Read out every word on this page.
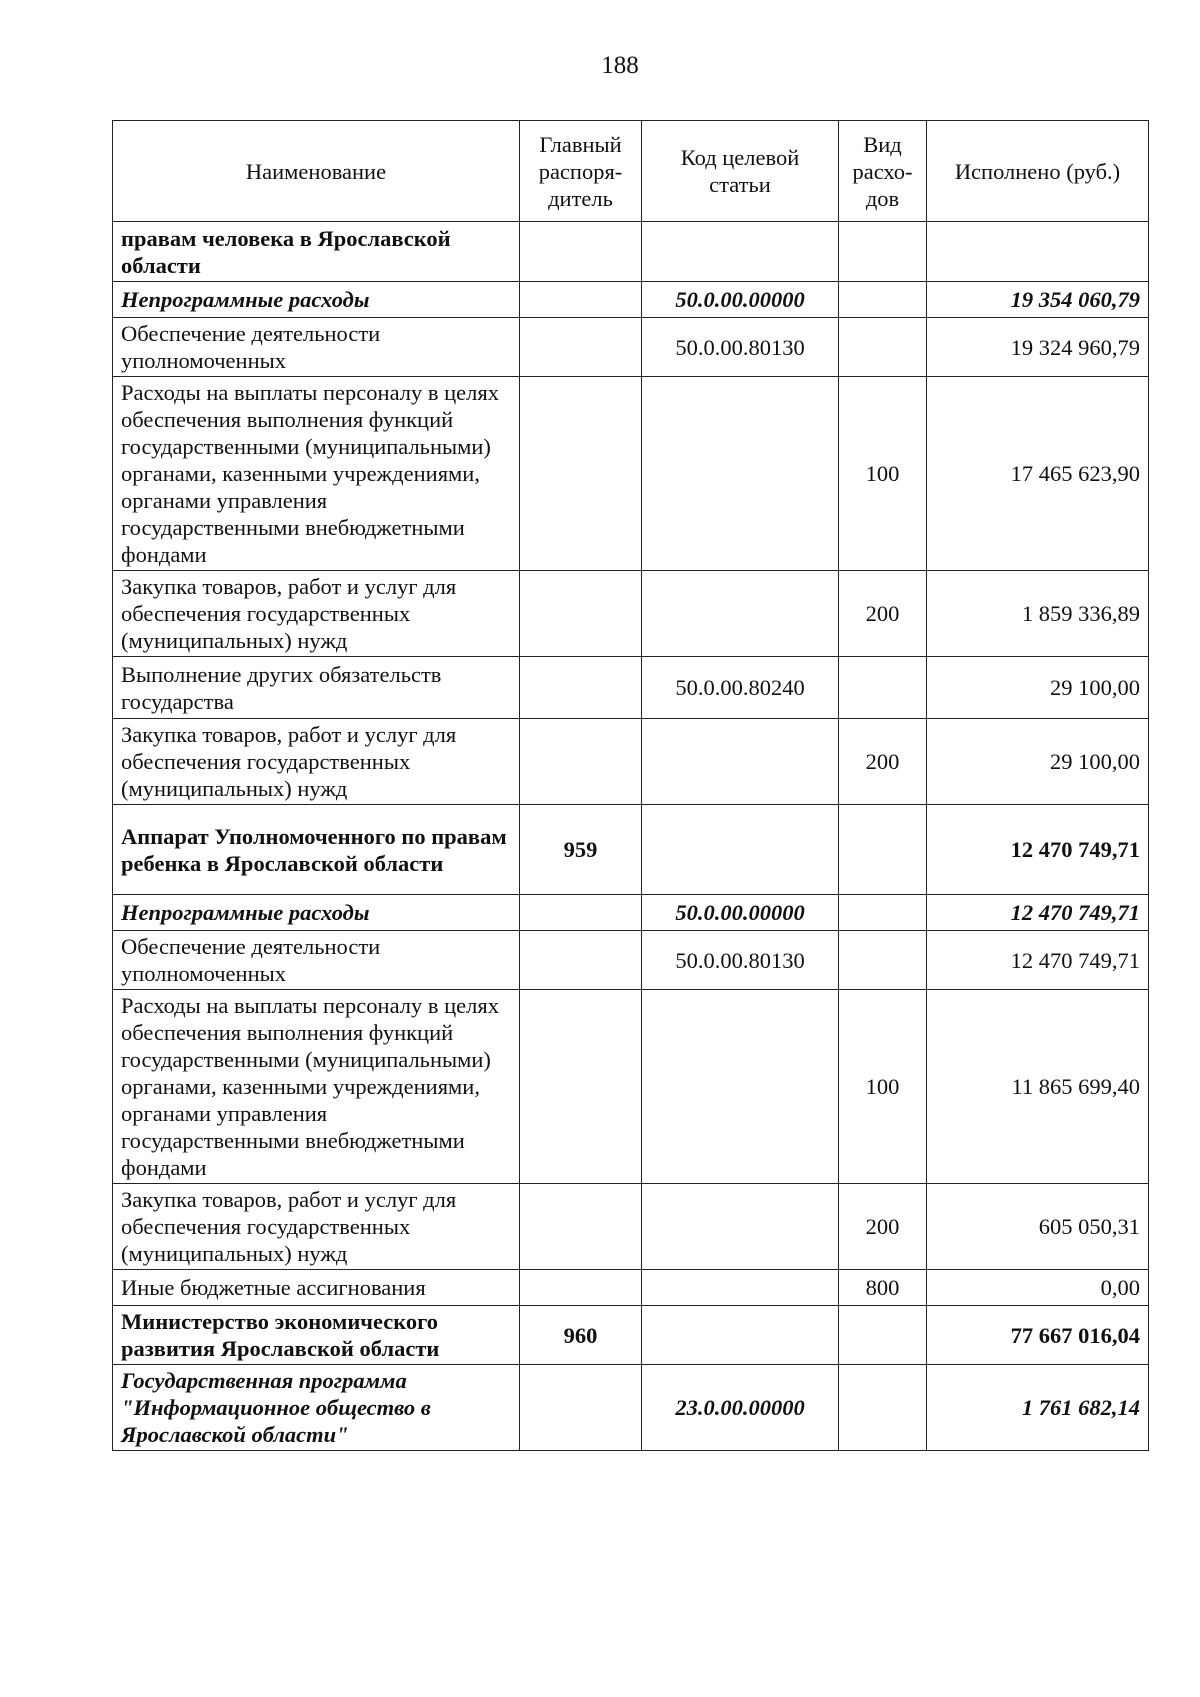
188
Наименование	Главный распоря-дитель	Код целевой статьи	Вид расхо-дов	Исполнено (руб.)
правам человека в Ярославской области				
Непрограммные расходы		50.0.00.00000		19 354 060,79
Обеспечение деятельности уполномоченных		50.0.00.80130		19 324 960,79
Расходы на выплаты персоналу в целях обеспечения выполнения функций государственными (муниципальными) органами, казенными учреждениями, органами управления государственными внебюджетными фондами			100	17 465 623,90
Закупка товаров, работ и услуг для обеспечения государственных (муниципальных) нужд			200	1 859 336,89
Выполнение других обязательств государства		50.0.00.80240		29 100,00
Закупка товаров, работ и услуг для обеспечения государственных (муниципальных) нужд			200	29 100,00
Аппарат Уполномоченного по правам ребенка в Ярославской области	959			12 470 749,71
Непрограммные расходы		50.0.00.00000		12 470 749,71
Обеспечение деятельности уполномоченных		50.0.00.80130		12 470 749,71
Расходы на выплаты персоналу в целях обеспечения выполнения функций государственными (муниципальными) органами, казенными учреждениями, органами управления государственными внебюджетными фондами			100	11 865 699,40
Закупка товаров, работ и услуг для обеспечения государственных (муниципальных) нужд			200	605 050,31
Иные бюджетные ассигнования			800	0,00
Министерство экономического развития Ярославской области	960			77 667 016,04
Государственная программа "Информационное общество в Ярославской области"		23.0.00.00000		1 761 682,14
